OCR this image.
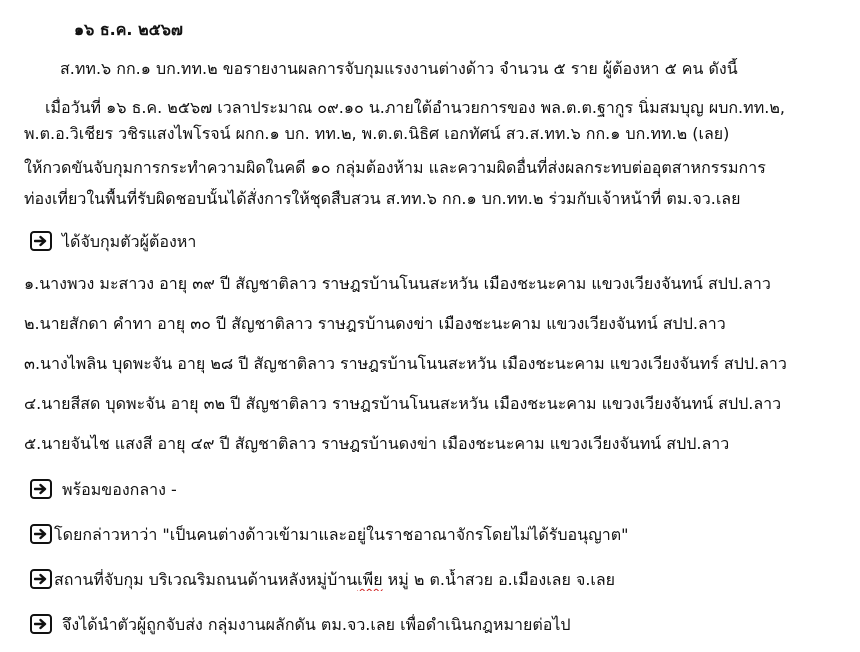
๑๖ ธ.ค. ๒๕๖๗
ส.ทท.๖ กก.๑ บก.ทท.๒ ขอรายงานผลการจับกุมแรงงานต่างด้าว จำนวน ๕ ราย ผู้ต้องหา ๕ คน ดังนี้
เมื่อวันที่ ๑๖ ธ.ค. ๒๕๖๗ เวลาประมาณ ๐๙.๑๐ น.ภายใต้อำนวยการของ พล.ต.ต.ฐากูร นิ่มสมบุญ ผบก.ทท.๒,
พ.ต.อ.วิเชียร วชิรแสงไพโรจน์ ผกก.๑ บก. ทท.๒, พ.ต.ต.นิธิศ เอกทัศน์ สว.ส.ทท.๖ กก.๑ บก.ทท.๒ (เลย)
ให้กวดขันจับกุมการกระทำความผิดในคดี ๑๐ กลุ่มต้องห้าม และความผิดอื่นที่ส่งผลกระทบต่ออุตสาหกรรมการ
ท่องเที่ยวในพื้นที่รับผิดชอบนั้นได้สั่งการให้ชุดสืบสวน ส.ทท.๖ กก.๑ บก.ทท.๒ ร่วมกับเจ้าหน้าที่ ตม.จว.เลย
ได้จับกุมตัวผู้ต้องหา
๑.นางพวง มะสาวง อายุ ๓๙ ปี สัญชาติลาว ราษฎรบ้านโนนสะหวัน เมืองชะนะคาม แขวงเวียงจันทน์ สปป.ลาว
๒.นายสักดา คำทา อายุ ๓๐ ปี สัญชาติลาว ราษฎรบ้านดงข่า เมืองชะนะคาม แขวงเวียงจันทน์ สปป.ลาว
๓.นางไพลิน บุดพะจัน อายุ ๒๘ ปี สัญชาติลาว ราษฎรบ้านโนนสะหวัน เมืองชะนะคาม แขวงเวียงจันทร์ สปป.ลาว
๔.นายสีสด บุดพะจัน อายุ ๓๒ ปี สัญชาติลาว ราษฎรบ้านโนนสะหวัน เมืองชะนะคาม แขวงเวียงจันทน์ สปป.ลาว
๕.นายจันไช แสงสี อายุ ๔๙ ปี สัญชาติลาว ราษฎรบ้านดงข่า เมืองชะนะคาม แขวงเวียงจันทน์ สปป.ลาว
พร้อมของกลาง -
โดยกล่าวหาว่า "เป็นคนต่างด้าวเข้ามาและอยู่ในราชอาณาจักรโดยไม่ได้รับอนุญาต"
สถานที่จับกุม บริเวณริมถนนด้านหลังหมู่บ้านเพีย หมู่ ๒ ต.น้ำสวย อ.เมืองเลย จ.เลย
จึงได้นำตัวผู้ถูกจับส่ง กลุ่มงานผลักดัน ตม.จว.เลย เพื่อดำเนินกฎหมายต่อไป
